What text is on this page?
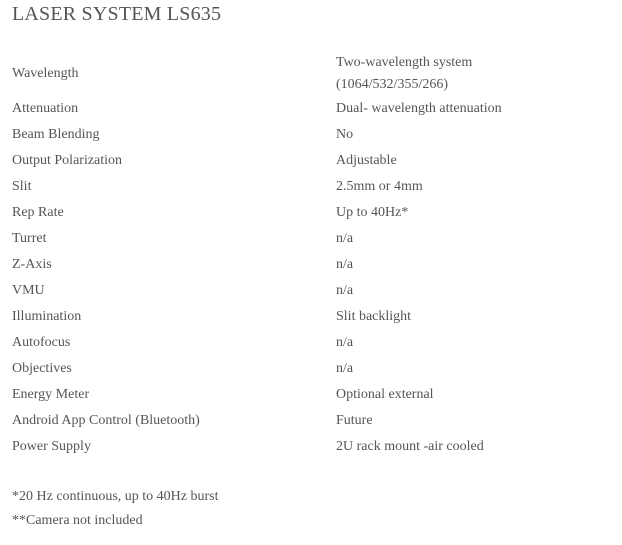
LASER SYSTEM LS635
Wavelength	Two-wavelength system
(1064/532/355/266)

Attenuation	Dual- wavelength attenuation
Beam Blending	No
Output Polarization	Adjustable
Slit	2.5mm or 4mm
Rep Rate	Up to 40Hz*
Turret	n/a
Z-Axis	n/a
VMU	n/a
Illumination	Slit backlight
Autofocus	n/a
Objectives	n/a
Energy Meter	Optional external
Android App Control (Bluetooth)	Future
Power Supply	2U rack mount -air cooled
*20 Hz continuous, up to 40Hz burst
**Camera not included
